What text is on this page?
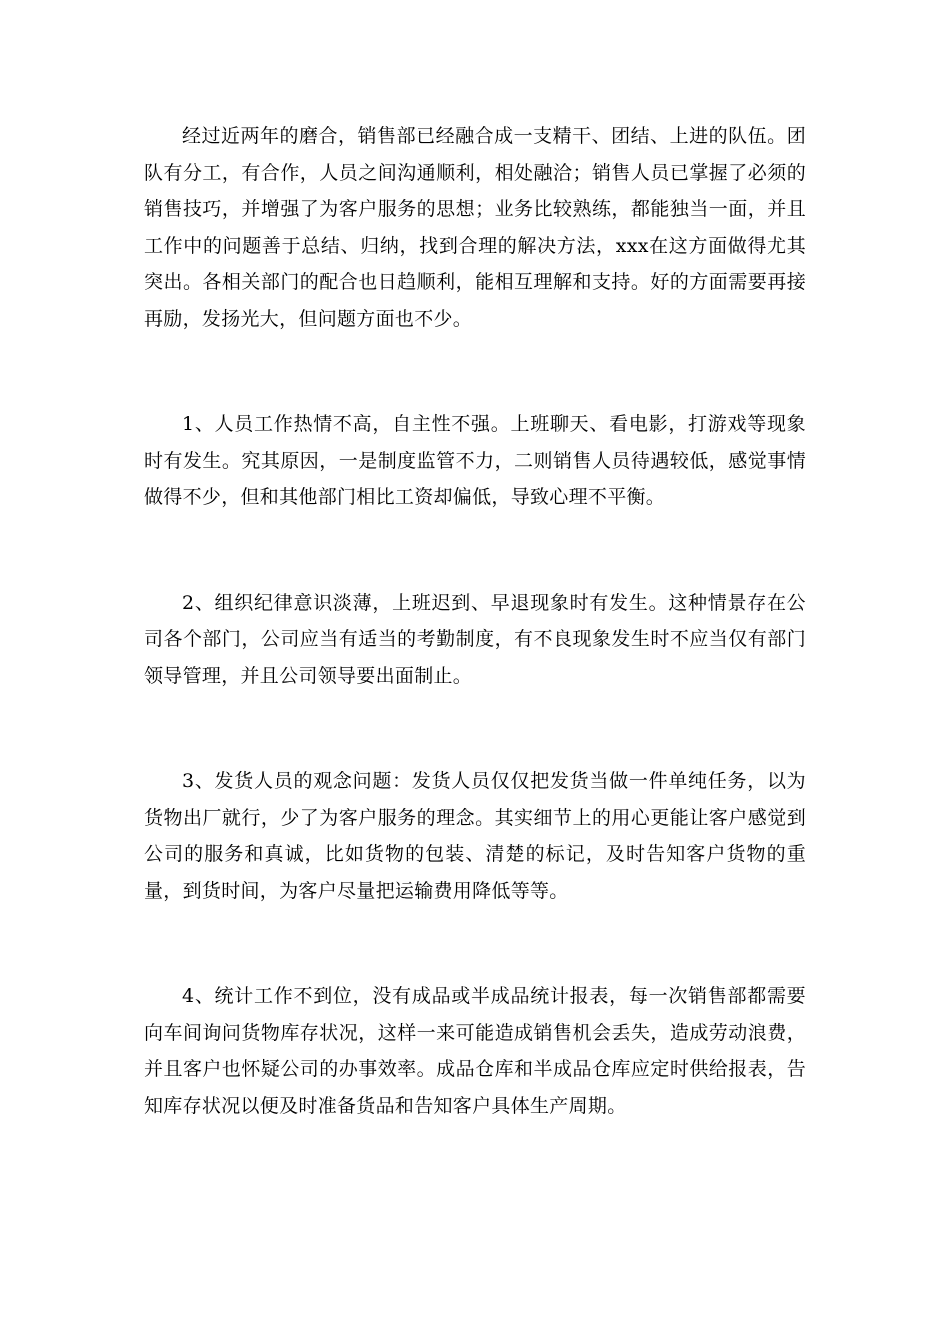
经过近两年的磨合，销售部已经融合成一支精干、团结、上进的队伍。团队有分工，有合作，人员之间沟通顺利，相处融洽；销售人员已掌握了必须的销售技巧，并增强了为客户服务的思想；业务比较熟练，都能独当一面，并且工作中的问题善于总结、归纳，找到合理的解决方法，xxx在这方面做得尤其突出。各相关部门的配合也日趋顺利，能相互理解和支持。好的方面需要再接再励，发扬光大，但问题方面也不少。

1、人员工作热情不高，自主性不强。上班聊天、看电影，打游戏等现象时有发生。究其原因，一是制度监管不力，二则销售人员待遇较低，感觉事情做得不少，但和其他部门相比工资却偏低，导致心理不平衡。

2、组织纪律意识淡薄，上班迟到、早退现象时有发生。这种情景存在公司各个部门，公司应当有适当的考勤制度，有不良现象发生时不应当仅有部门领导管理，并且公司领导要出面制止。

3、发货人员的观念问题：发货人员仅仅把发货当做一件单纯任务，以为货物出厂就行，少了为客户服务的理念。其实细节上的用心更能让客户感觉到公司的服务和真诚，比如货物的包装、清楚的标记，及时告知客户货物的重量，到货时间，为客户尽量把运输费用降低等等。

4、统计工作不到位，没有成品或半成品统计报表，每一次销售部都需要向车间询问货物库存状况，这样一来可能造成销售机会丢失，造成劳动浪费，并且客户也怀疑公司的办事效率。成品仓库和半成品仓库应定时供给报表，告知库存状况以便及时准备货品和告知客户具体生产周期。
